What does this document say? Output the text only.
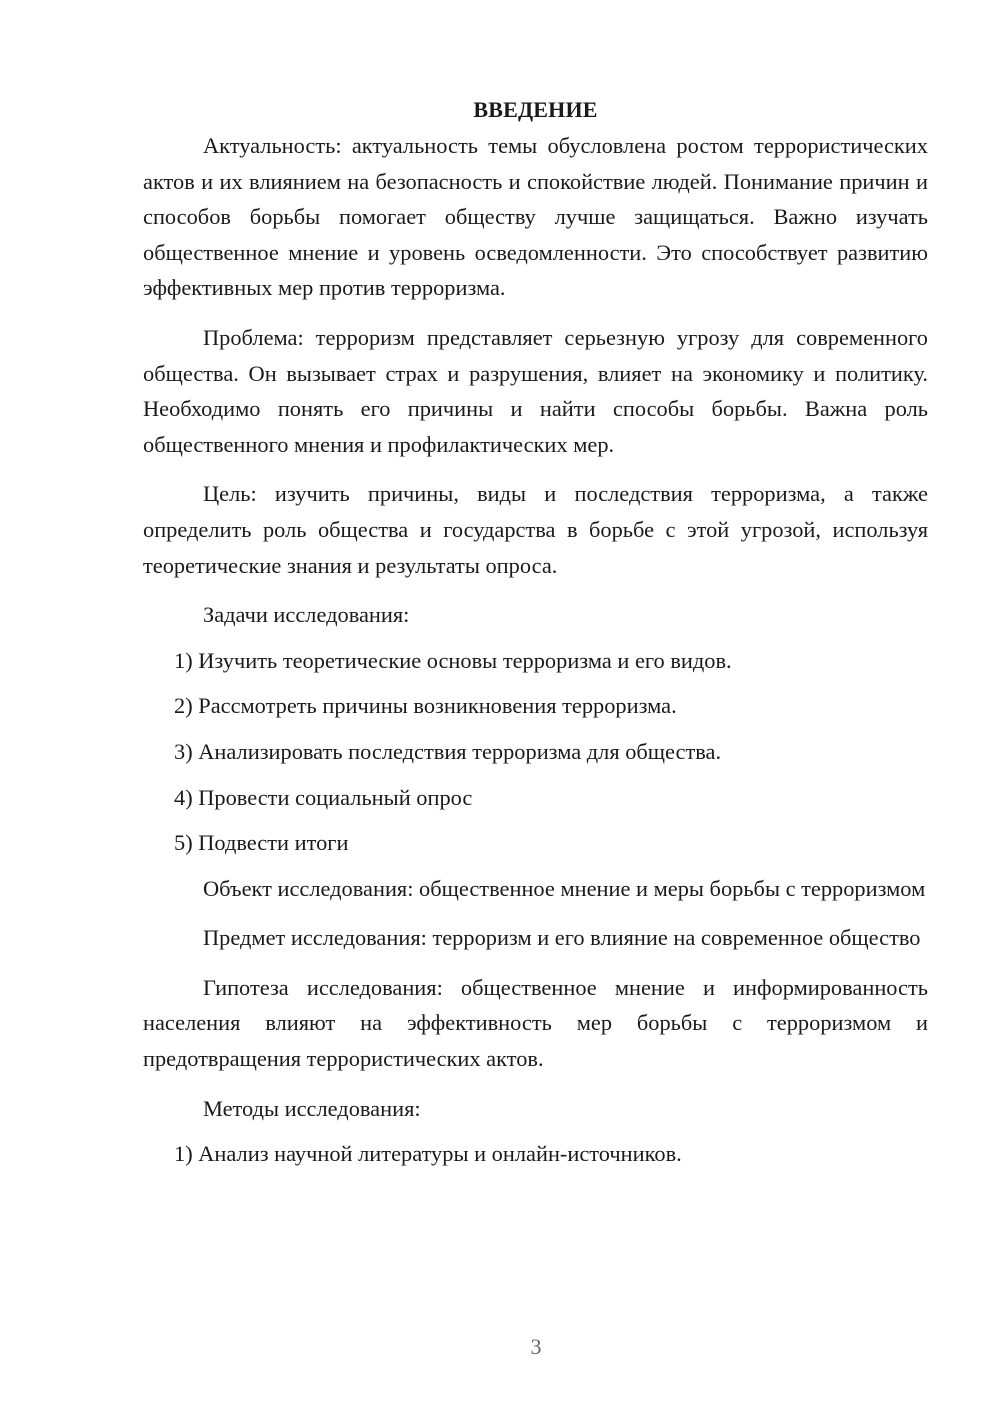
ВВЕДЕНИЕ

Актуальность: актуальность темы обусловлена ростом террористических актов и их влиянием на безопасность и спокойствие людей. Понимание причин и способов борьбы помогает обществу лучше защищаться. Важно изучать общественное мнение и уровень осведомленности. Это способствует развитию эффективных мер против терроризма.

Проблема: терроризм представляет серьезную угрозу для современного общества. Он вызывает страх и разрушения, влияет на экономику и политику. Необходимо понять его причины и найти способы борьбы. Важна роль общественного мнения и профилактических мер.

Цель: изучить причины, виды и последствия терроризма, а также определить роль общества и государства в борьбе с этой угрозой, используя теоретические знания и результаты опроса.

Задачи исследования:

1) Изучить теоретические основы терроризма и его видов.
2) Рассмотреть причины возникновения терроризма.
3) Анализировать последствия терроризма для общества.
4) Провести социальный опрос
5) Подвести итоги

Объект исследования: общественное мнение и меры борьбы с терроризмом

Предмет исследования: терроризм и его влияние на современное общество

Гипотеза исследования: общественное мнение и информированность населения влияют на эффективность мер борьбы с терроризмом и предотвращения террористических актов.

Методы исследования:

1) Анализ научной литературы и онлайн-источников.
3
